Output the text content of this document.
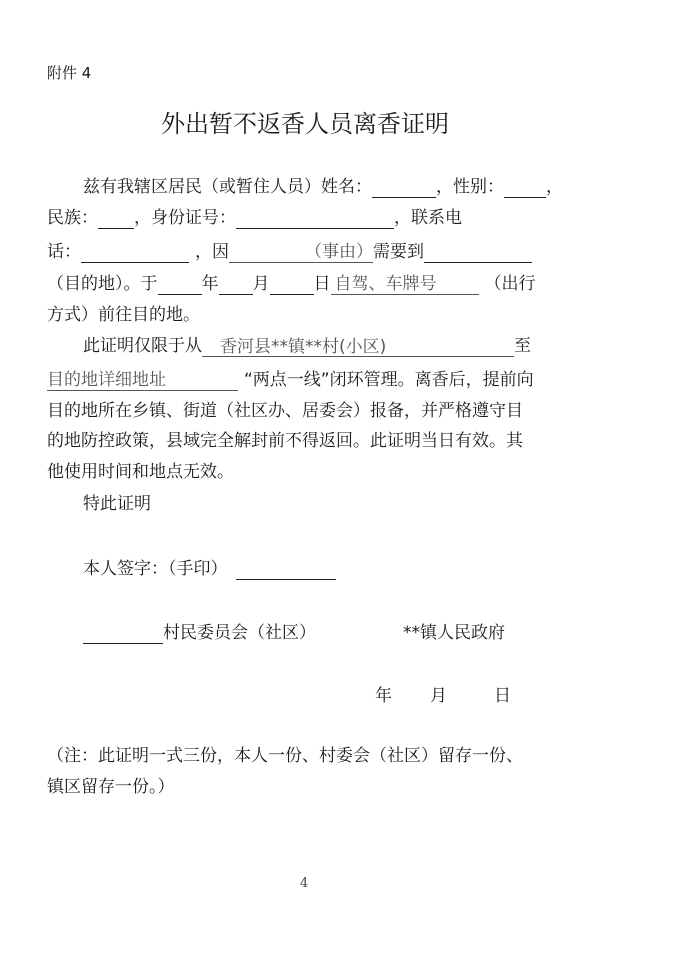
附件 4
外出暂不返香人员离香证明
兹有我辖区居民（或暂住人员）姓名：	，性别： ，
民族： ，身份证号：	，联系电
话：	，因	（事由） 需要到
（目的地）。于	年 月	日 自驾、车牌号	（出行
方式）前往目的地。
此证明仅限于从	香河县**镇**村(小区)	至
目的地详细地址	“两点一线”闭环管理。离香后，提前向
目的地所在乡镇、街道（社区办、居委会）报备，并严格遵守目
的地防控政策，县域完全解封前不得返回。此证明当日有效。其
他使用时间和地点无效。
特此证明
本人签字：（手印）
村民委员会（社区）	**镇人民政府
年 月	日
（注：此证明一式三份，本人一份、村委会（社区）留存一份、
镇区留存一份。）
4
